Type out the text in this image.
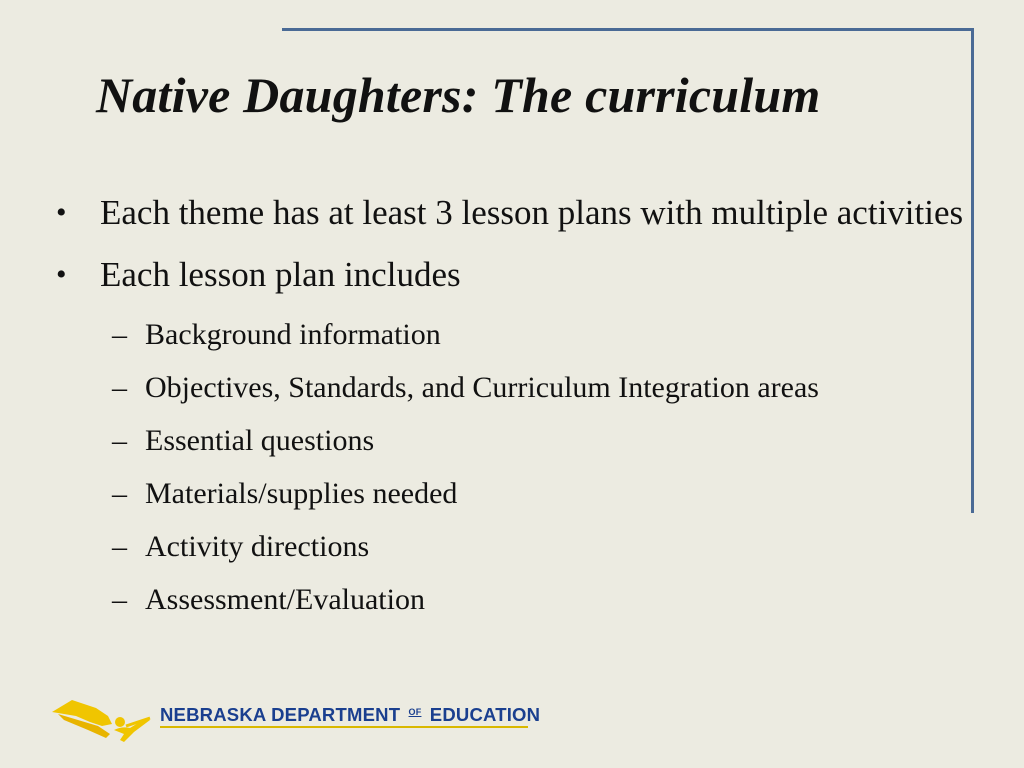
Native Daughters: The curriculum
• Each theme has at least 3 lesson plans with multiple activities
• Each lesson plan includes
– Background information
– Objectives, Standards, and Curriculum Integration areas
– Essential questions
– Materials/supplies needed
– Activity directions
– Assessment/Evaluation
NEBRASKA DEPARTMENT $^{OF}$ EDUCATION
